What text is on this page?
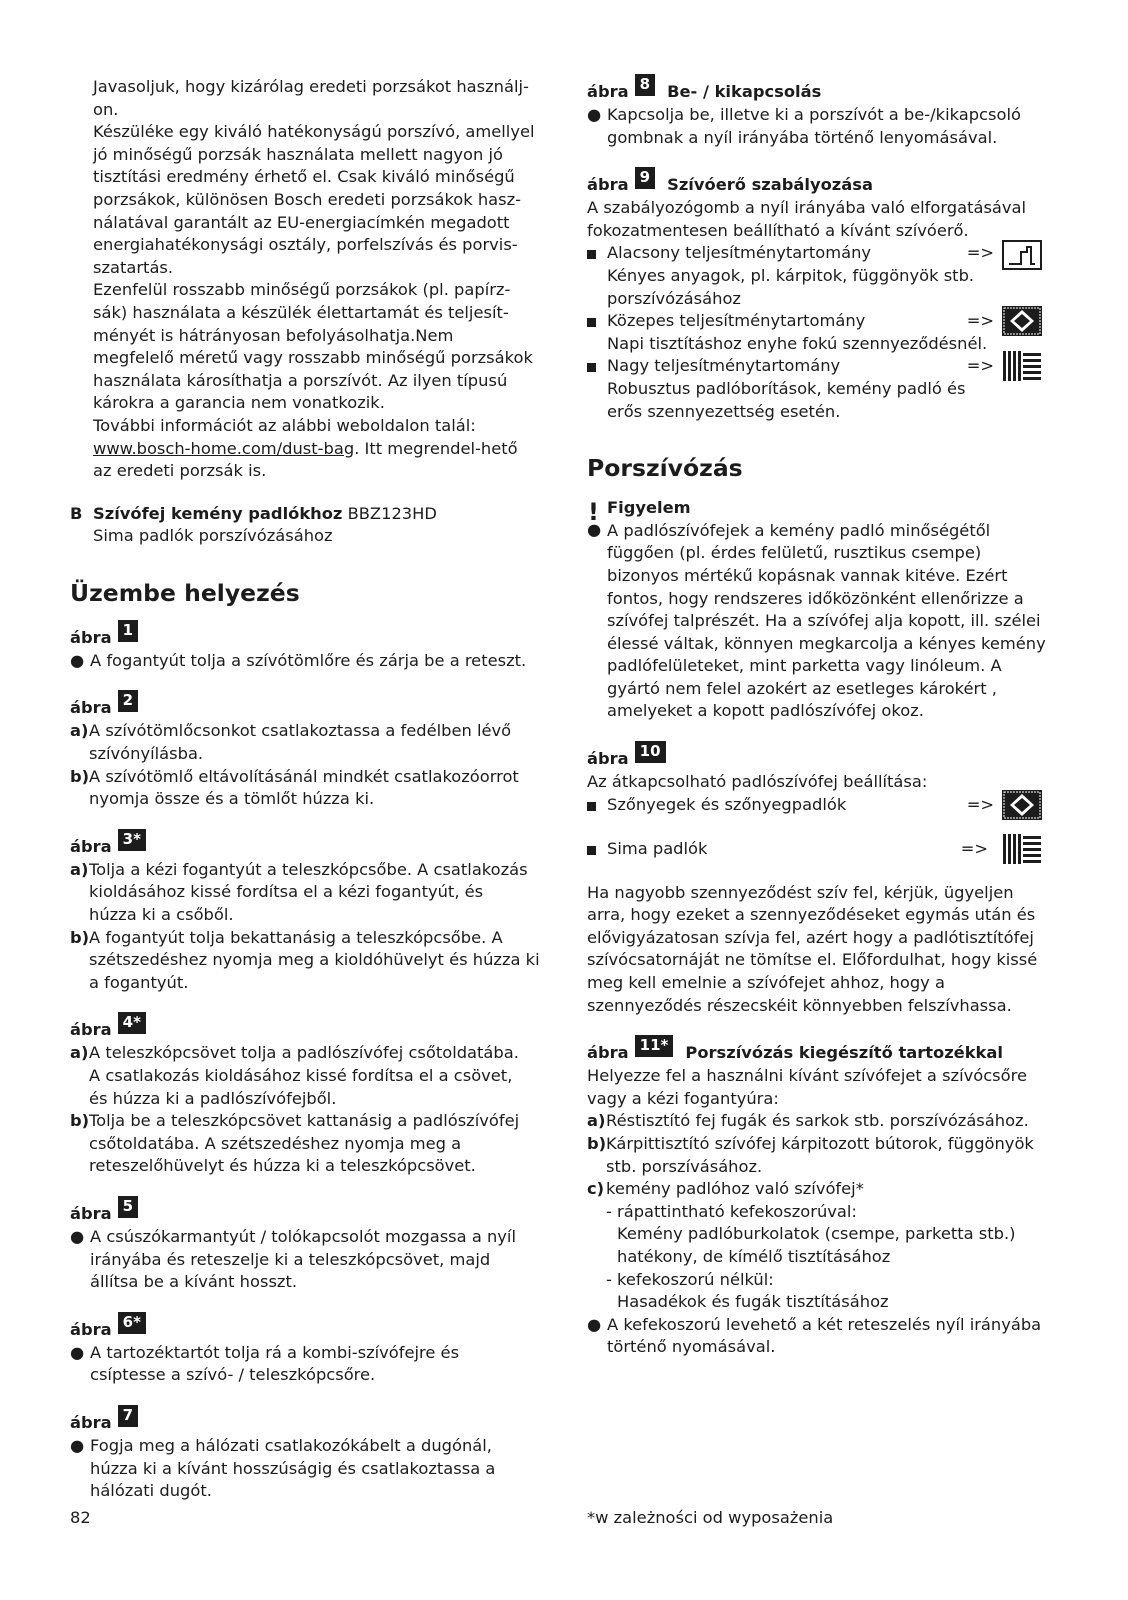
Javasoljuk, hogy kizárólag eredeti porzsákot használj-
on.
Készüléke egy kiváló hatékonyságú porszívó, amellyel
jó minőségű porzsák használata mellett nagyon jó
tisztítási eredmény érhető el. Csak kiváló minőségű
porzsákok, különösen Bosch eredeti porzsákok hasz-
nálatával garantált az EU-energiacímkén megadott
energiahatékonysági osztály, porfelszívás és porvis-
szatartás.
Ezenfelül rosszabb minőségű porzsákok (pl. papírz-
sák) használata a készülék élettartamát és teljesít-
ményét is hátrányosan befolyásolhatja.Nem
megfelelő méretű vagy rosszabb minőségű porzsákok
használata károsíthatja a porszívót. Az ilyen típusú
károkra a garancia nem vonatkozik.
További információt az alábbi weboldalon talál:
www.bosch-home.com/dust-bag. Itt megrendel-hető
az eredeti porzsák is.
B Szívófej kemény padlókhoz BBZ123HD
Sima padlók porszívózásához
Üzembe helyezés
ábra 1
● A fogantyút tolja a szívótömlőre és zárja be a reteszt.
ábra 2
a) A szívótömlőcsonkot csatlakoztassa a fedélben lévő
szívónyílásba.
b) A szívótömlő eltávolításánál mindkét csatlakozóorrot
nyomja össze és a tömlőt húzza ki.
ábra 3*
a) Tolja a kézi fogantyút a teleszkópcsőbe. A csatlakozás
kioldásához kissé fordítsa el a kézi fogantyút, és
húzza ki a csőből.
b) A fogantyút tolja bekattanásig a teleszkópcsőbe. A
szétszedéshez nyomja meg a kioldóhüvelyt és húzza ki
a fogantyút.
ábra 4*
a) A teleszkópcsövet tolja a padlószívófej csőtoldatába.
A csatlakozás kioldásához kissé fordítsa el a csövet,
és húzza ki a padlószívófejből.
b) Tolja be a teleszkópcsövet kattanásig a padlószívófej
csőtoldatába. A szétszedéshez nyomja meg a
reteszelőhüvelyt és húzza ki a teleszkópcsövet.
ábra 5
● A csúszókarmantyút / tolókapcsolót mozgassa a nyíl
irányába és reteszelje ki a teleszkópcsövet, majd
állítsa be a kívánt hosszt.
ábra 6*
● A tartozéktartót tolja rá a kombi-szívófejre és
csíptesse a szívó- / teleszkópcsőre.
ábra 7
● Fogja meg a hálózati csatlakozókábelt a dugónál,
húzza ki a kívánt hosszúságig és csatlakoztassa a
hálózati dugót.
ábra 8	Be- / kikapcsolás
● Kapcsolja be, illetve ki a porszívót a be-/kikapcsoló
gombnak a nyíl irányába történő lenyomásával.
ábra 9	Szívóerő szabályozása
A szabályozógomb a nyíl irányába való elforgatásával
fokozatmentesen beállítható a kívánt szívóerő.
Alacsony teljesítménytartomány	=>
Kényes anyagok, pl. kárpitok, függönyök stb.
porszívózásához
Közepes teljesítménytartomány	=>
Napi tisztításhoz enyhe fokú szennyeződésnél.
Nagy teljesítménytartomány	=>
Robusztus padlóborítások, kemény padló és
erős szennyezettség esetén.
Porszívózás
! Figyelem
● A padlószívófejek a kemény padló minőségétől
függően (pl. érdes felületű, rusztikus csempe)
bizonyos mértékű kopásnak vannak kitéve. Ezért
fontos, hogy rendszeres időközönként ellenőrizze a
szívófej talprészét. Ha a szívófej alja kopott, ill. szélei
élessé váltak, könnyen megkarcolja a kényes kemény
padlófelületeket, mint parketta vagy linóleum. A
gyártó nem felel azokért az esetleges károkért ,
amelyeket a kopott padlószívófej okoz.
ábra 10
Az átkapcsolható padlószívófej beállítása:
Szőnyegek és szőnyegpadlók	=>
Sima padlók	=>
Ha nagyobb szennyeződést szív fel, kérjük, ügyeljen
arra, hogy ezeket a szennyeződéseket egymás után és
elővigyázatosan szívja fel, azért hogy a padlótisztítófej
szívócsatornáját ne tömítse el. Előfordulhat, hogy kissé
meg kell emelnie a szívófejet ahhoz, hogy a
szennyeződés részecskéit könnyebben felszívhassa.
ábra 11*	Porszívózás kiegészítő tartozékkal
Helyezze fel a használni kívánt szívófejet a szívócsőre
vagy a kézi fogantyúra:
a) Réstisztító fej fugák és sarkok stb. porszívózásához.
b) Kárpittisztító szívófej kárpitozott bútorok, függönyök
stb. porszívásához.
c) kemény padlóhoz való szívófej*
- rápattintható kefekoszorúval:
Kemény padlóburkolatok (csempe, parketta stb.)
hatékony, de kímélő tisztításához
- kefekoszorú nélkül:
Hasadékok és fugák tisztításához
● A kefekoszorú levehető a két reteszelés nyíl irányába
történő nyomásával.
82	*w zależności od wyposażenia
